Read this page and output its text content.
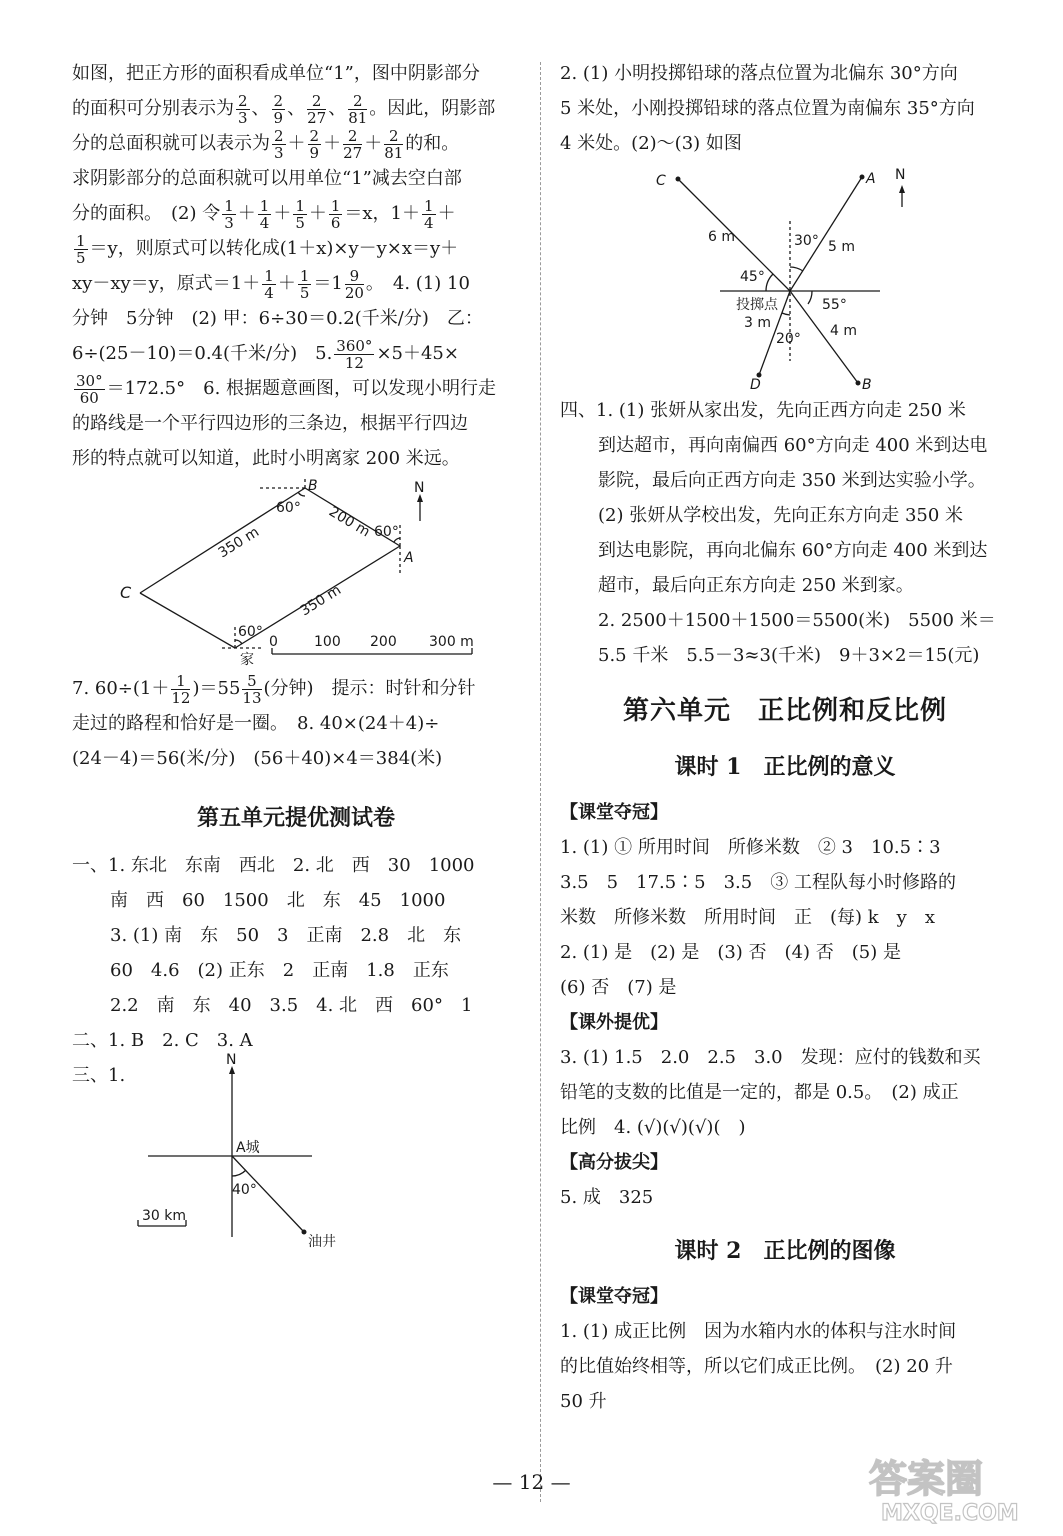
如图，把正方形的面积看成单位“1”，图中阴影部分

的面积可分别表示为 $\frac{2}{3}$ 、 $\frac{2}{9}$ 、 $\frac{2}{27}$ 、 $\frac{2}{81}$ 。因此，阴影部

分的总面积就可以表示为 $\frac{2}{3} + \frac{2}{9} + \frac{2}{27} + \frac{2}{81}$ 的和。

求阴影部分的总面积就可以用单位“1”减去空白部

分的面积。　(2) 令 $\frac{1}{3} + \frac{1}{4} + \frac{1}{5} + \frac{1}{6} =x$，$1+ \frac{1}{4}$ ＋

$\frac{1}{5} =y$，则原式可以转化成(1＋x)×y－y×x＝y＋

xy－xy＝y，原式$=1+ \frac{1}{4} + \frac{1}{5} =1 \frac{9}{20}$ 。　4. (1) 10

分钟　5分钟　(2) 甲：6÷30＝0.2(千米/分)　乙：

6÷(25－10)＝0.4(千米/分)　5. $\frac{360^\circ}{12} \times 5+45\times$

$\frac{30^\circ}{60} =172.5^\circ$　6. 根据题意画图，可以发现小明行走

的路线是一个平行四边形的三条边，根据平行四边

形的特点就可以知道，此时小明离家 200 米远。

B
A
C
家
N
60°
60°
60°
350 m
200 m
350 m
0	100 200 300 m

7. $60\div(1+ \frac{1}{12} )=55 \frac{5}{13}$ (分钟)　提示：时针和分针

走过的路程和恰好是一圈。　8. 40×(24＋4)÷

(24－4)＝56(米/分)　(56＋40)×4＝384(米)

第五单元提优测试卷

一、1. 东北　东南　西北　2. 北　西　30　1000

南　西　60　1500　北　东　45　1000

3. (1) 南　东　50　3　正南　2.8　北　东

60　4.6　(2) 正东　2　正南　1.8　正东

2.2　南　东　40　3.5　4. 北　西　60°　1

二、1. B　2. C　3. A

三、1.

N
A城
40°
油井
30 km

2. (1) 小明投掷铅球的落点位置为北偏东 30°方向

5 米处，小刚投掷铅球的落点位置为南偏东 35°方向

4 米处。(2)～(3) 如图

C	A N
D	B
投掷点
6 m
5 m
3 m	4 m
30°
45°
55°
20°

四、1. (1) 张妍从家出发，先向正西方向走 250 米

到达超市，再向南偏西 60°方向走 400 米到达电

影院，最后向正西方向走 350 米到达实验小学。

(2) 张妍从学校出发，先向正东方向走 350 米

到达电影院，再向北偏东 60°方向走 400 米到达

超市，最后向正东方向走 250 米到家。

2. 2500＋1500＋1500＝5500(米)　5500 米＝

5.5 千米　5.5－3≈3(千米)　9＋3×2＝15(元)

第六单元　正比例和反比例

课时 1　正比例的意义

【课堂夺冠】

1. (1) ① 所用时间　所修米数　② 3　10.5∶3

3.5　5　17.5∶5　3.5　③ 工程队每小时修路的

米数　所修米数　所用时间　正　(每) k　y　x

2. (1) 是　(2) 是　(3) 否　(4) 否　(5) 是

(6) 否　(7) 是

【课外提优】

3. (1) 1.5　2.0　2.5　3.0　发现：应付的钱数和买

铅笔的支数的比值是一定的，都是 0.5。　(2) 成正

比例　4. (√)(√)(√)(　)

【高分拔尖】

5. 成　325

课时 2　正比例的图像

【课堂夺冠】

1. (1) 成正比例　因为水箱内水的体积与注水时间

的比值始终相等，所以它们成正比例。　(2) 20 升

50 升

— 12 —	答案圈
MXQE.COM
